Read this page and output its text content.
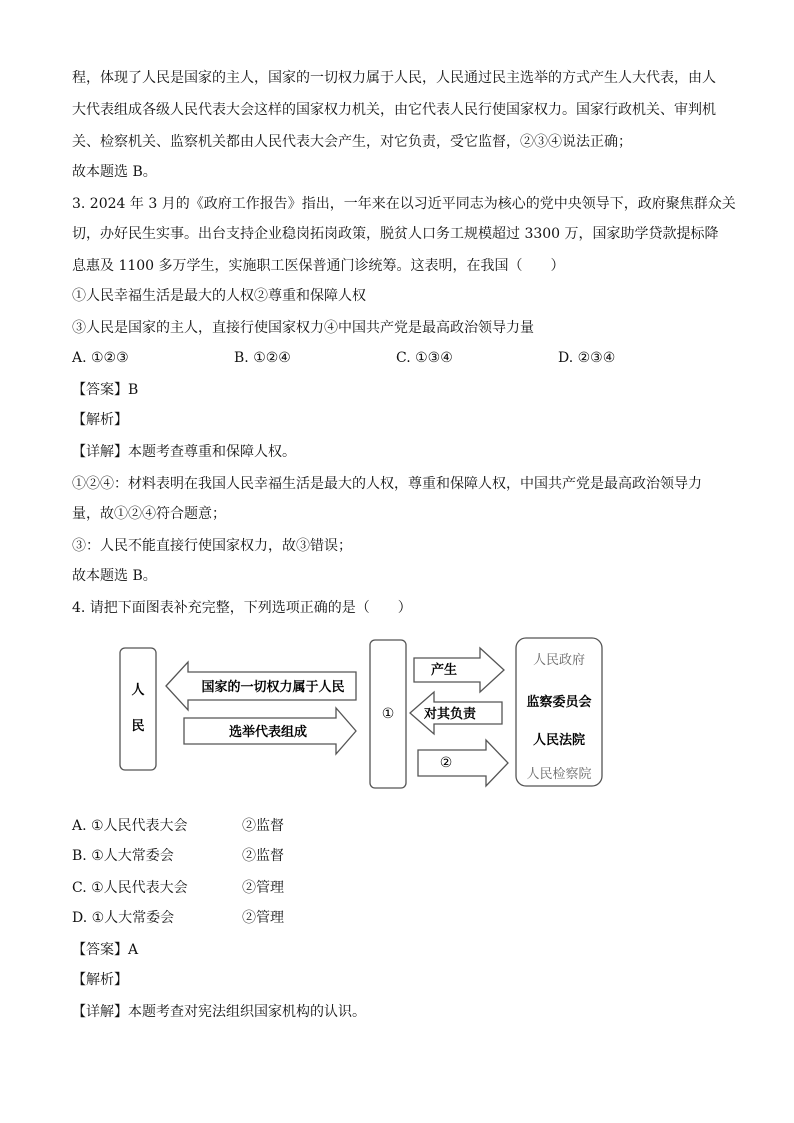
程，体现了人民是国家的主人，国家的一切权力属于人民，人民通过民主选举的方式产生人大代表，由人
大代表组成各级人民代表大会这样的国家权力机关，由它代表人民行使国家权力。国家行政机关、审判机
关、检察机关、监察机关都由人民代表大会产生，对它负责，受它监督，②③④说法正确；
故本题选 B。
3. 2024 年 3 月的《政府工作报告》指出，一年来在以习近平同志为核心的党中央领导下，政府聚焦群众关
切，办好民生实事。出台支持企业稳岗拓岗政策，脱贫人口务工规模超过 3300 万，国家助学贷款提标降
息惠及 1100 多万学生，实施职工医保普通门诊统筹。这表明，在我国（　　）
①人民幸福生活是最大的人权②尊重和保障人权
③人民是国家的主人，直接行使国家权力④中国共产党是最高政治领导力量
A. ①②③	B. ①②④	C. ①③④	D. ②③④
【答案】B
【解析】
【详解】本题考查尊重和保障人权。
①②④：材料表明在我国人民幸福生活是最大的人权，尊重和保障人权，中国共产党是最高政治领导力
量，故①②④符合题意；
③：人民不能直接行使国家权力，故③错误；
故本题选 B。
4. 请把下面图表补充完整，下列选项正确的是（　　）
人
民
国家的一切权力属于人民
选举代表组成
①
产生
对其负责
②
人民政府
监察委员会
人民法院
人民检察院
A. ①人民代表大会	②监督
B. ①人大常委会	②监督
C. ①人民代表大会	②管理
D. ①人大常委会	②管理
【答案】A
【解析】
【详解】本题考查对宪法组织国家机构的认识。
